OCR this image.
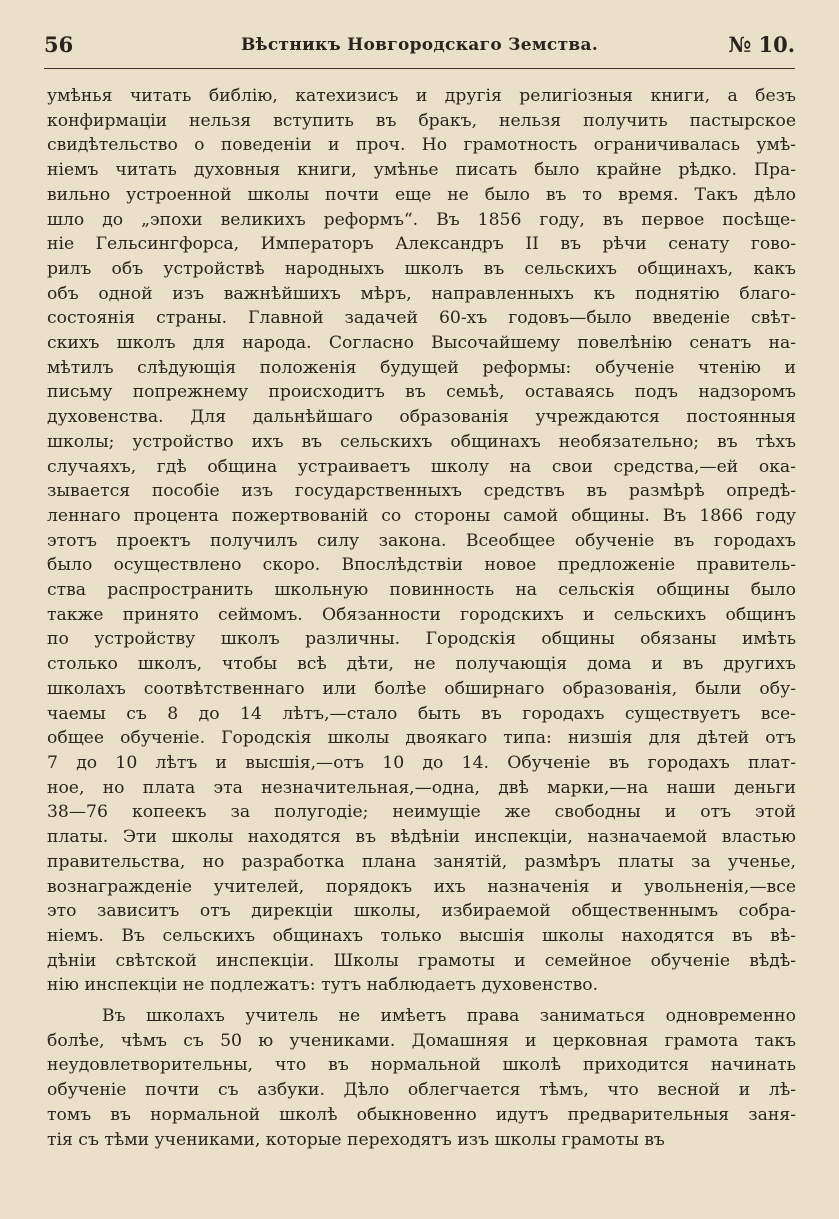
56	Вѣстникъ Новгородскаго Земства.	№ 10.
умѣнья читать библію, катехизисъ и другія религіозныя книги, а безъ
конфирмаціи нельзя вступить въ бракъ, нельзя получить пастырское
свидѣтельство о поведеніи и проч. Но грамотность ограничивалась умѣ-
ніемъ читать духовныя книги, умѣнье писать было крайне рѣдко. Пра-
вильно устроенной школы почти еще не было въ то время. Такъ дѣло
шло до „эпохи великихъ реформъ“. Въ 1856 году, въ первое посѣще-
ніе Гельсингфорса, Императоръ Александръ II въ рѣчи сенату гово-
рилъ объ устройствѣ народныхъ школъ въ сельскихъ общинахъ, какъ
объ одной изъ важнѣйшихъ мѣръ, направленныхъ къ поднятію благо-
состоянія страны. Главной задачей 60-хъ годовъ—было введеніе свѣт-
скихъ школъ для народа. Согласно Высочайшему повелѣнію сенатъ на-
мѣтилъ слѣдующія положенія будущей реформы: обученіе чтенію и
письму попрежнему происходитъ въ семьѣ, оставаясь подъ надзоромъ
духовенства. Для дальнѣйшаго образованія учреждаются постоянныя
школы; устройство ихъ въ сельскихъ общинахъ необязательно; въ тѣхъ
случаяхъ, гдѣ община устраиваетъ школу на свои средства,—ей ока-
зывается пособіе изъ государственныхъ средствъ въ размѣрѣ опредѣ-
леннаго процента пожертвованій со стороны самой общины. Въ 1866 году
этотъ проектъ получилъ силу закона. Всеобщее обученіе въ городахъ
было осуществлено скоро. Впослѣдствіи новое предложеніе правитель-
ства распространить школьную повинность на сельскія общины было
также принято сеймомъ. Обязанности городскихъ и сельскихъ общинъ
по устройству школъ различны. Городскія общины обязаны имѣть
столько школъ, чтобы всѣ дѣти, не получающія дома и въ другихъ
школахъ соотвѣтственнаго или болѣе обширнаго образованія, были обу-
чаемы съ 8 до 14 лѣтъ,—стало быть въ городахъ существуетъ все-
общее обученіе. Городскія школы двоякаго типа: низшія для дѣтей отъ
7 до 10 лѣтъ и высшія,—отъ 10 до 14. Обученіе въ городахъ плат-
ное, но плата эта незначительная,—одна, двѣ марки,—на наши деньги
38—76 копеекъ за полугодіе; неимущіе же свободны и отъ этой
платы. Эти школы находятся въ вѣдѣніи инспекціи, назначаемой властью
правительства, но разработка плана занятій, размѣръ платы за ученье,
вознагражденіе учителей, порядокъ ихъ назначенія и увольненія,—все
это зависитъ отъ дирекціи школы, избираемой общественнымъ собра-
ніемъ. Въ сельскихъ общинахъ только высшія школы находятся въ вѣ-
дѣніи свѣтской инспекціи. Школы грамоты и семейное обученіе вѣдѣ-
нію инспекціи не подлежатъ: тутъ наблюдаетъ духовенство.
Въ школахъ учитель не имѣетъ права заниматься одновременно
болѣе, чѣмъ съ 50 ю учениками. Домашняя и церковная грамота такъ
неудовлетворительны, что въ нормальной школѣ приходится начинать
обученіе почти съ азбуки. Дѣло облегчается тѣмъ, что весной и лѣ-
томъ въ нормальной школѣ обыкновенно идутъ предварительныя заня-
тія съ тѣми учениками, которые переходятъ изъ школы грамоты въ
